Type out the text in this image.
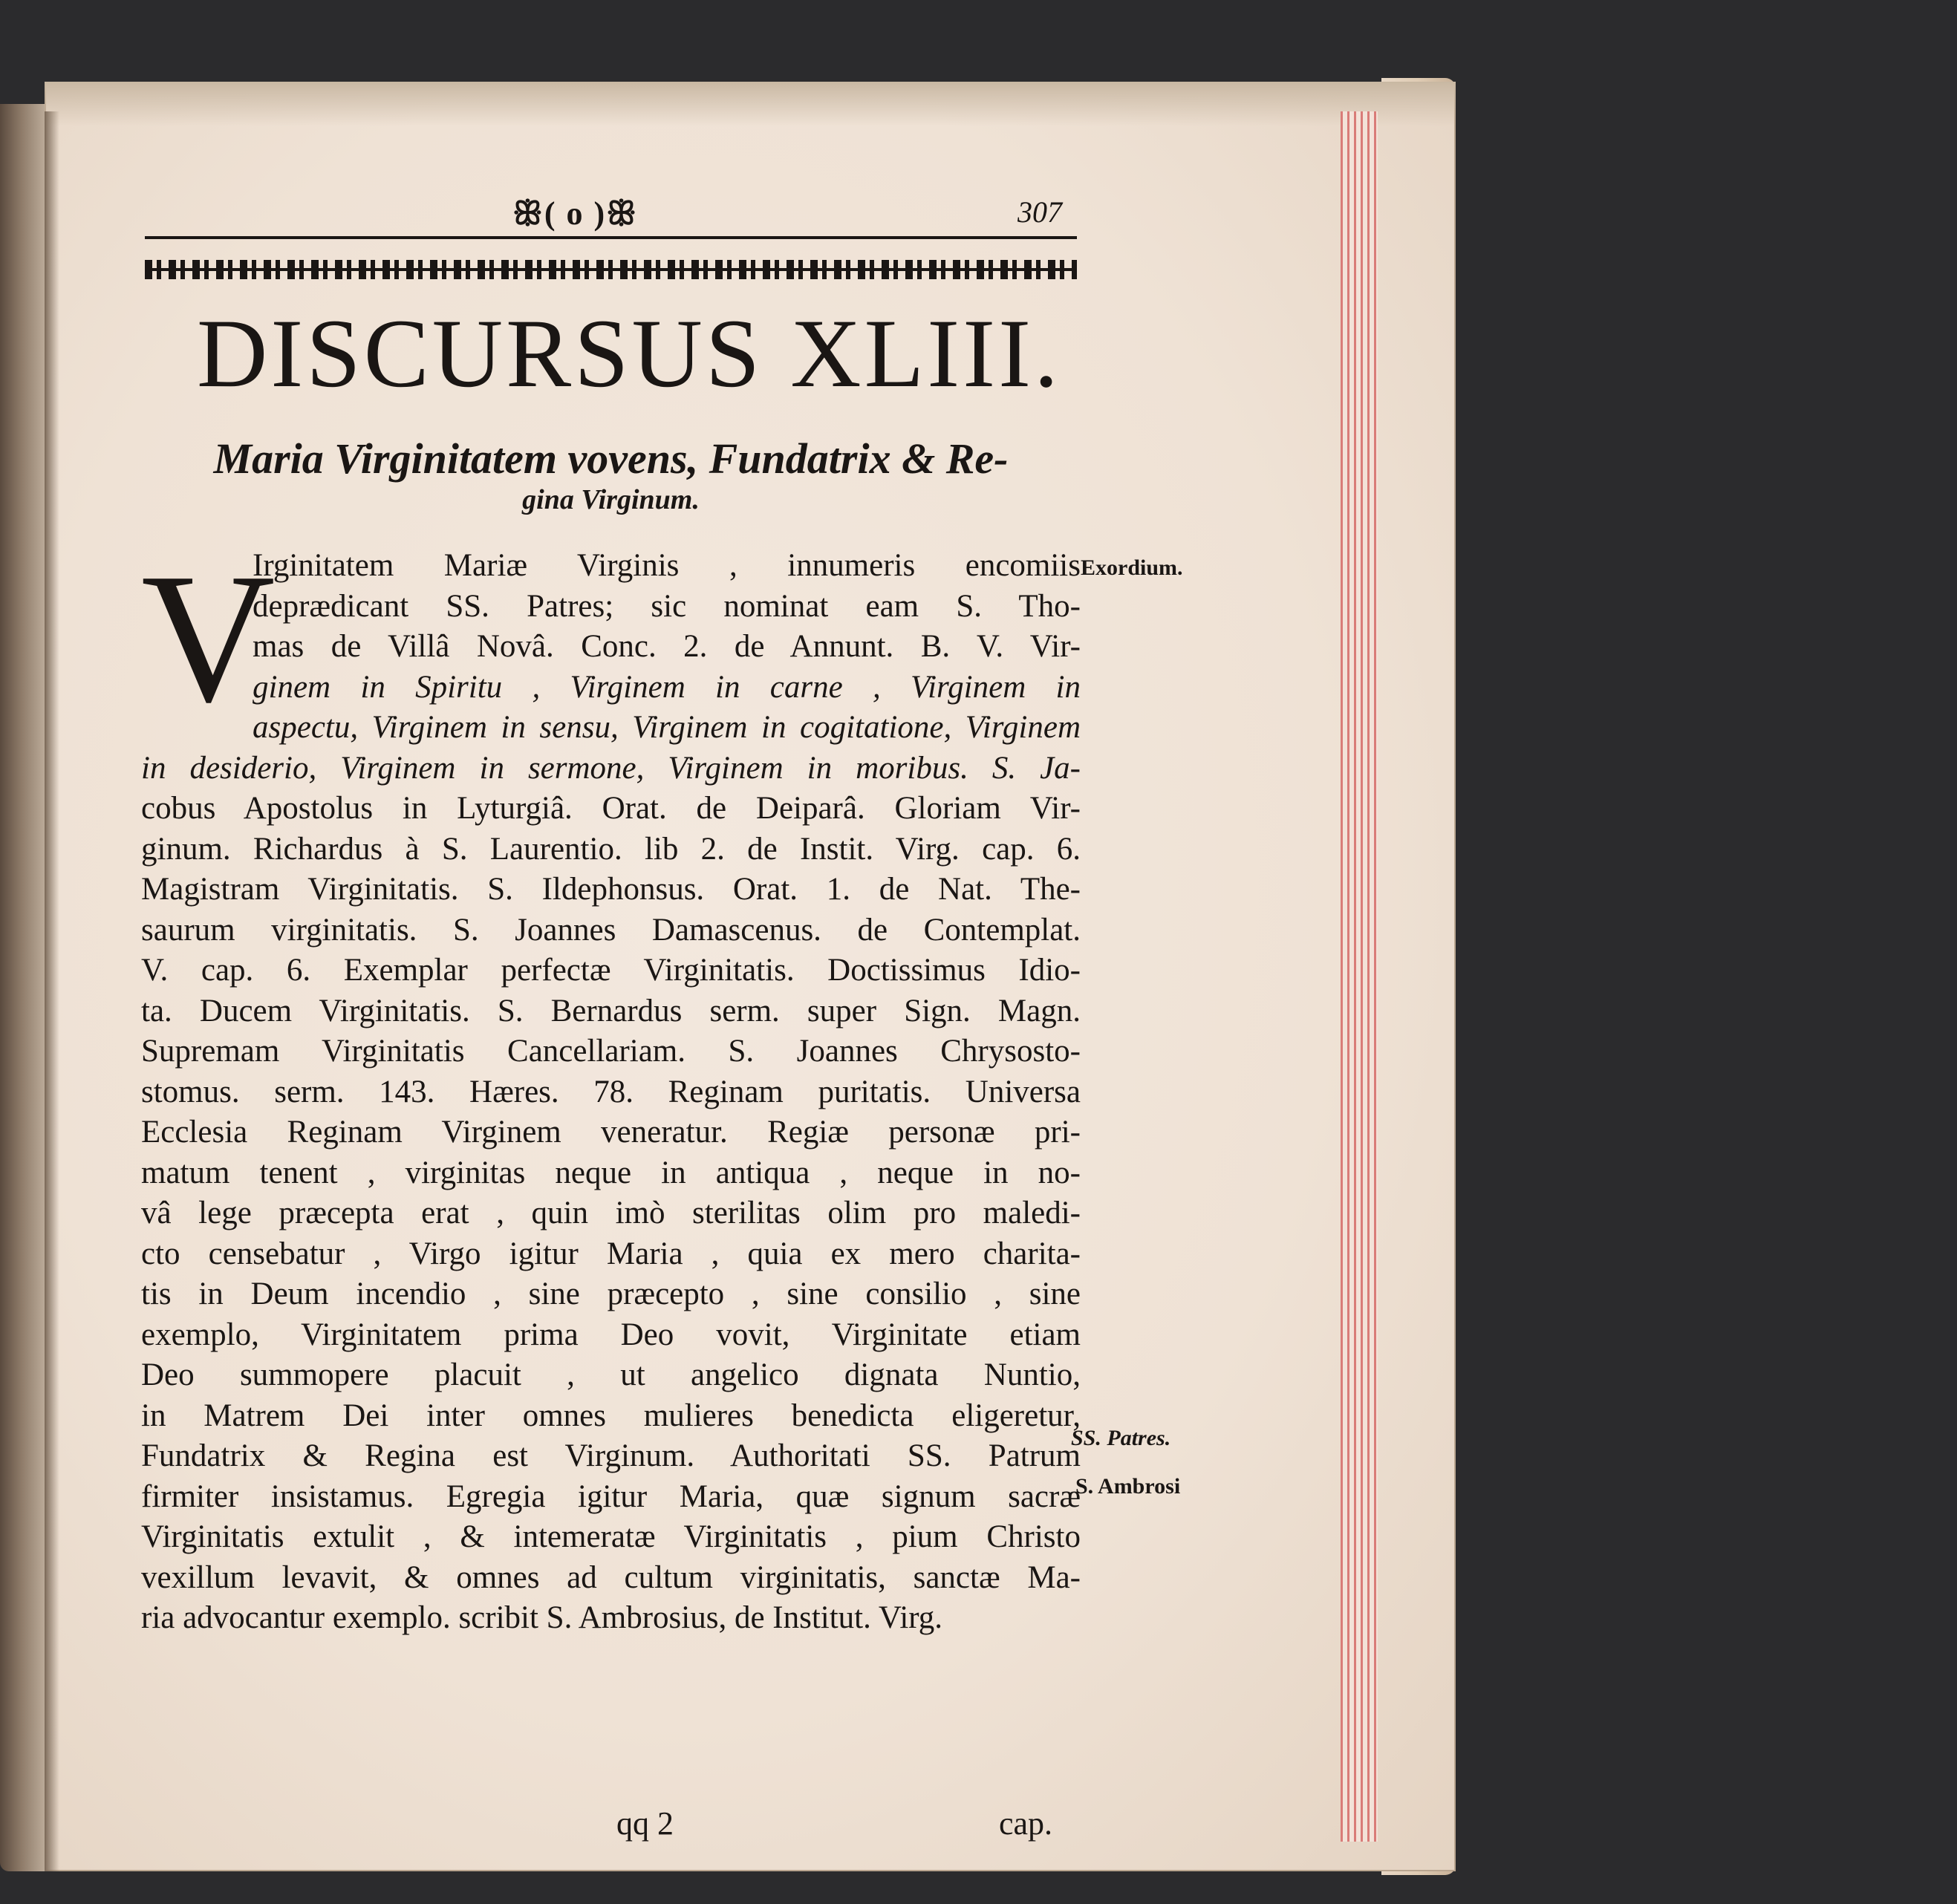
ꕥ( o )ꕥ	307
DISCURSUS XLIII.
Maria Virginitatem vovens, Fundatrix & Re-
gina Virginum.
V
Irginitatem Mariæ Virginis , innumeris encomiis
deprædicant SS. Patres; sic nominat eam S. Tho-
mas de Villâ Novâ. Conc. 2. de Annunt. B. V. Vir-
ginem in Spiritu , Virginem in carne , Virginem in
aspectu, Virginem in sensu, Virginem in cogitatione, Virginem
in desiderio, Virginem in sermone, Virginem in moribus. S. Ja-
cobus Apostolus in Lyturgiâ. Orat. de Deiparâ. Gloriam Vir-
ginum. Richardus à S. Laurentio. lib 2. de Instit. Virg. cap. 6.
Magistram Virginitatis. S. Ildephonsus. Orat. 1. de Nat. The-
saurum virginitatis. S. Joannes Damascenus. de Contemplat.
V. cap. 6. Exemplar perfectæ Virginitatis. Doctissimus Idio-
ta. Ducem Virginitatis. S. Bernardus serm. super Sign. Magn.
Supremam Virginitatis Cancellariam. S. Joannes Chrysosto-
stomus. serm. 143. Hæres. 78. Reginam puritatis. Universa
Ecclesia Reginam Virginem veneratur. Regiæ personæ pri-
matum tenent , virginitas neque in antiqua , neque in no-
vâ lege præcepta erat , quin imò sterilitas olim pro maledi-
cto censebatur , Virgo igitur Maria , quia ex mero charita-
tis in Deum incendio , sine præcepto , sine consilio , sine
exemplo, Virginitatem prima Deo vovit, Virginitate etiam
Deo summopere placuit , ut angelico dignata Nuntio,
in Matrem Dei inter omnes mulieres benedicta eligeretur,
Fundatrix & Regina est Virginum. Authoritati SS. Patrum
firmiter insistamus. Egregia igitur Maria, quæ signum sacræ
Virginitatis extulit , & intemeratæ Virginitatis , pium Christo
vexillum levavit, & omnes ad cultum virginitatis, sanctæ Ma-
ria advocantur exemplo. scribit S. Ambrosius, de Institut. Virg.
Exordium.
SS. Patres.
S. Ambrosi
qq 2	cap.
